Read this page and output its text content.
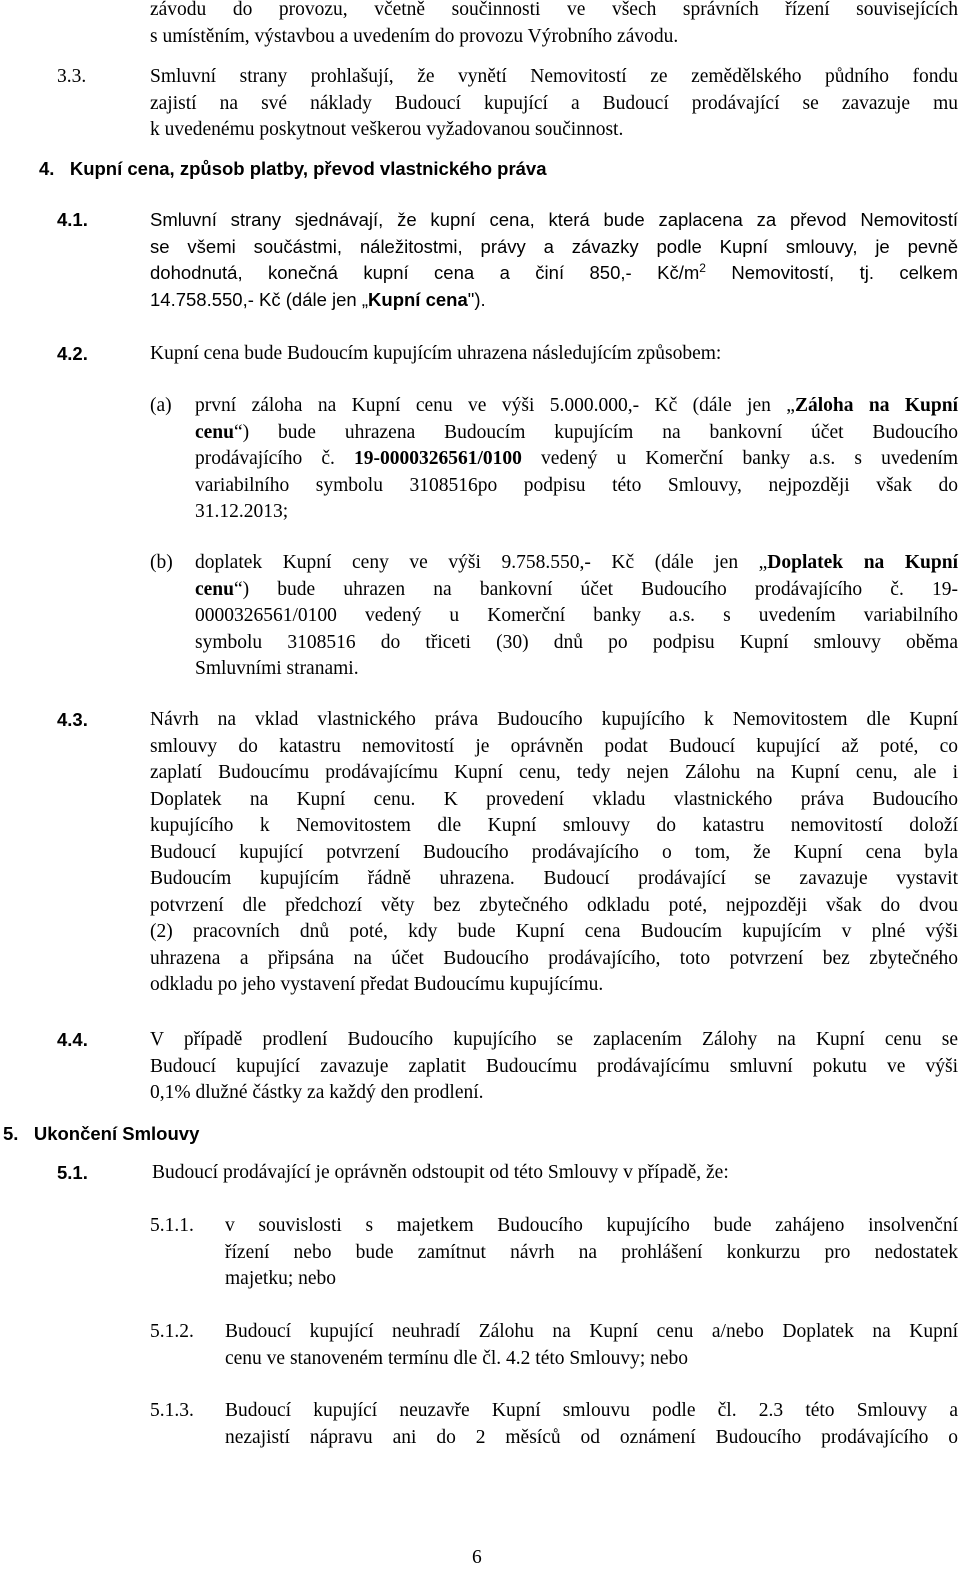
závodu do provozu, včetně součinnosti ve všech správních řízení souvisejících
s umístěním, výstavbou a uvedením do provozu Výrobního závodu.
3.3.	Smluvní strany prohlašují, že vynětí Nemovitostí ze zemědělského půdního fondu
zajistí na své náklady Budoucí kupující a Budoucí prodávající se zavazuje mu
k uvedenému poskytnout veškerou vyžadovanou součinnost.
4.   Kupní cena, způsob platby, převod vlastnického práva
4.1.	Smluvní strany sjednávají, že kupní cena, která bude zaplacena za převod Nemovitostí
se všemi součástmi, náležitostmi, právy a závazky podle Kupní smlouvy, je pevně
dohodnutá, konečná kupní cena a činí 850,- $Kč/m^2$ Nemovitostí, tj. celkem
14.758.550,- Kč (dále jen „Kupní cena").
4.2.	Kupní cena bude Budoucím kupujícím uhrazena následujícím způsobem:
(a) první záloha na Kupní cenu ve výši 5.000.000,- Kč (dále jen „Záloha na Kupní
cenu“) bude uhrazena Budoucím kupujícím na bankovní účet Budoucího
prodávajícího č. 19-0000326561/0100 vedený u Komerční banky a.s. s uvedením
variabilního symbolu 3108516po podpisu této Smlouvy, nejpozději však do
31.12.2013;
(b) doplatek Kupní ceny ve výši 9.758.550,- Kč (dále jen „Doplatek na Kupní
cenu“) bude uhrazen na bankovní účet Budoucího prodávajícího č. 19-
0000326561/0100 vedený u Komerční banky a.s. s uvedením variabilního
symbolu 3108516 do třiceti (30) dnů po podpisu Kupní smlouvy oběma
Smluvními stranami.
4.3.	Návrh na vklad vlastnického práva Budoucího kupujícího k Nemovitostem dle Kupní
smlouvy do katastru nemovitostí je oprávněn podat Budoucí kupující až poté, co
zaplatí Budoucímu prodávajícímu Kupní cenu, tedy nejen Zálohu na Kupní cenu, ale i
Doplatek na Kupní cenu. K provedení vkladu vlastnického práva Budoucího
kupujícího k Nemovitostem dle Kupní smlouvy do katastru nemovitostí doloží
Budoucí kupující potvrzení Budoucího prodávajícího o tom, že Kupní cena byla
Budoucím kupujícím řádně uhrazena. Budoucí prodávající se zavazuje vystavit
potvrzení dle předchozí věty bez zbytečného odkladu poté, nejpozději však do dvou
(2) pracovních dnů poté, kdy bude Kupní cena Budoucím kupujícím v plné výši
uhrazena a připsána na účet Budoucího prodávajícího, toto potvrzení bez zbytečného
odkladu po jeho vystavení předat Budoucímu kupujícímu.
4.4.	V případě prodlení Budoucího kupujícího se zaplacením Zálohy na Kupní cenu se
Budoucí kupující zavazuje zaplatit Budoucímu prodávajícímu smluvní pokutu ve výši
0,1% dlužné částky za každý den prodlení.
5.   Ukončení Smlouvy
5.1.	Budoucí prodávající je oprávněn odstoupit od této Smlouvy v případě, že:
5.1.1. v souvislosti s majetkem Budoucího kupujícího bude zahájeno insolvenční
řízení nebo bude zamítnut návrh na prohlášení konkurzu pro nedostatek
majetku; nebo
5.1.2. Budoucí kupující neuhradí Zálohu na Kupní cenu a/nebo Doplatek na Kupní
cenu ve stanoveném termínu dle čl. 4.2 této Smlouvy; nebo
5.1.3. Budoucí kupující neuzavře Kupní smlouvu podle čl. 2.3 této Smlouvy a
nezajistí nápravu ani do 2 měsíců od oznámení Budoucího prodávajícího o
6
